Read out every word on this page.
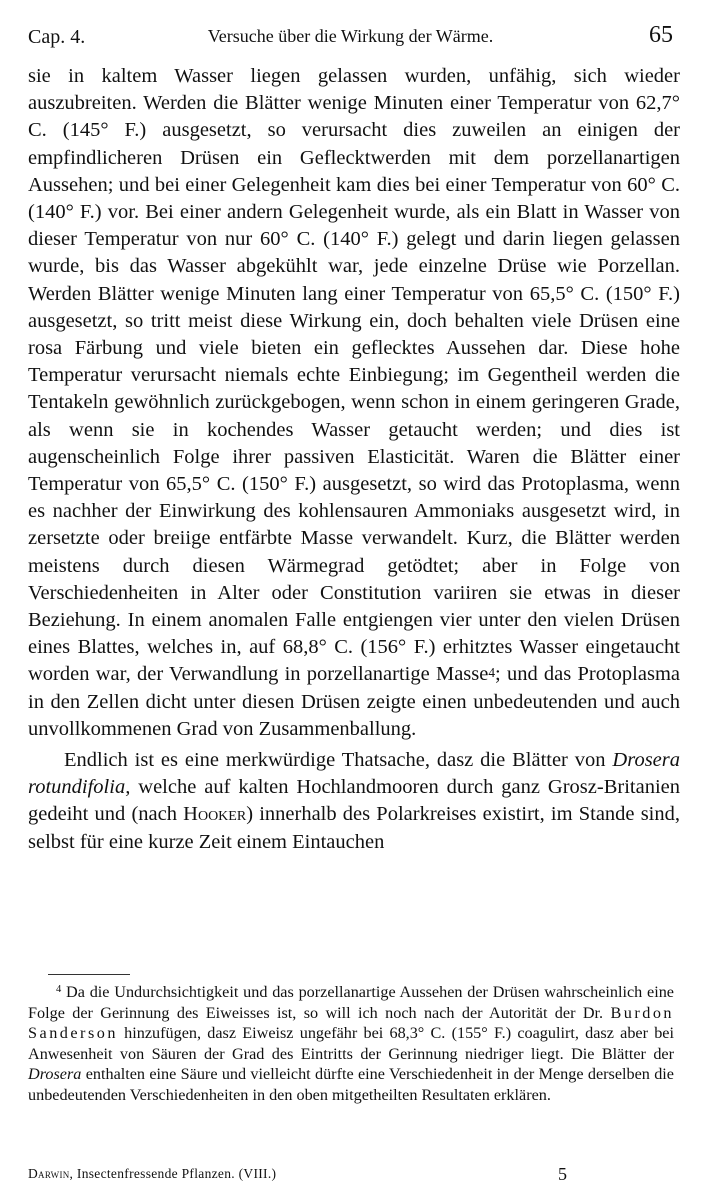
Cap. 4.	Versuche über die Wirkung der Wärme.	65

sie in kaltem Wasser liegen gelassen wurden, unfähig, sich wieder auszubreiten. Werden die Blätter wenige Minuten einer Temperatur von 62,7° C. (145° F.) ausgesetzt, so verursacht dies zuweilen an einigen der empfindlicheren Drüsen ein Geflecktwerden mit dem porzellanartigen Aussehen; und bei einer Gelegenheit kam dies bei einer Temperatur von 60° C. (140° F.) vor. Bei einer andern Gelegenheit wurde, als ein Blatt in Wasser von dieser Temperatur von nur 60° C. (140° F.) gelegt und darin liegen gelassen wurde, bis das Wasser abgekühlt war, jede einzelne Drüse wie Porzellan. Werden Blätter wenige Minuten lang einer Temperatur von 65,5° C. (150° F.) ausgesetzt, so tritt meist diese Wirkung ein, doch behalten viele Drüsen eine rosa Färbung und viele bieten ein geflecktes Aussehen dar. Diese hohe Temperatur verursacht niemals echte Einbiegung; im Gegentheil werden die Tentakeln gewöhnlich zurückgebogen, wenn schon in einem geringeren Grade, als wenn sie in kochendes Wasser getaucht werden; und dies ist augenscheinlich Folge ihrer passiven Elasticität. Waren die Blätter einer Temperatur von 65,5° C. (150° F.) ausgesetzt, so wird das Protoplasma, wenn es nachher der Einwirkung des kohlensauren Ammoniaks ausgesetzt wird, in zersetzte oder breiige entfärbte Masse verwandelt. Kurz, die Blätter werden meistens durch diesen Wärmegrad getödtet; aber in Folge von Verschiedenheiten in Alter oder Constitution variiren sie etwas in dieser Beziehung. In einem anomalen Falle entgiengen vier unter den vielen Drüsen eines Blattes, welches in, auf 68,8° C. (156° F.) erhitztes Wasser eingetaucht worden war, der Verwandlung in porzellanartige Masse$^4$; und das Protoplasma in den Zellen dicht unter diesen Drüsen zeigte einen unbedeutenden und auch unvollkommenen Grad von Zusammenballung.

Endlich ist es eine merkwürdige Thatsache, dasz die Blätter von Drosera rotundifolia, welche auf kalten Hochlandmooren durch ganz Grosz-Britanien gedeiht und (nach Hooker) innerhalb des Polarkreises existirt, im Stande sind, selbst für eine kurze Zeit einem Eintauchen

$^4$ Da die Undurchsichtigkeit und das porzellanartige Aussehen der Drüsen wahrscheinlich eine Folge der Gerinnung des Eiweisses ist, so will ich noch nach der Autorität der Dr. Burdon Sanderson hinzufügen, dasz Eiweisz ungefähr bei 68,3° C. (155° F.) coagulirt, dasz aber bei Anwesenheit von Säuren der Grad des Eintritts der Gerinnung niedriger liegt. Die Blätter der Drosera enthalten eine Säure und vielleicht dürfte eine Verschiedenheit in der Menge derselben die unbedeutenden Verschiedenheiten in den oben mitgetheilten Resultaten erklären.

Darwin, Insectenfressende Pflanzen. (VIII.)	5
